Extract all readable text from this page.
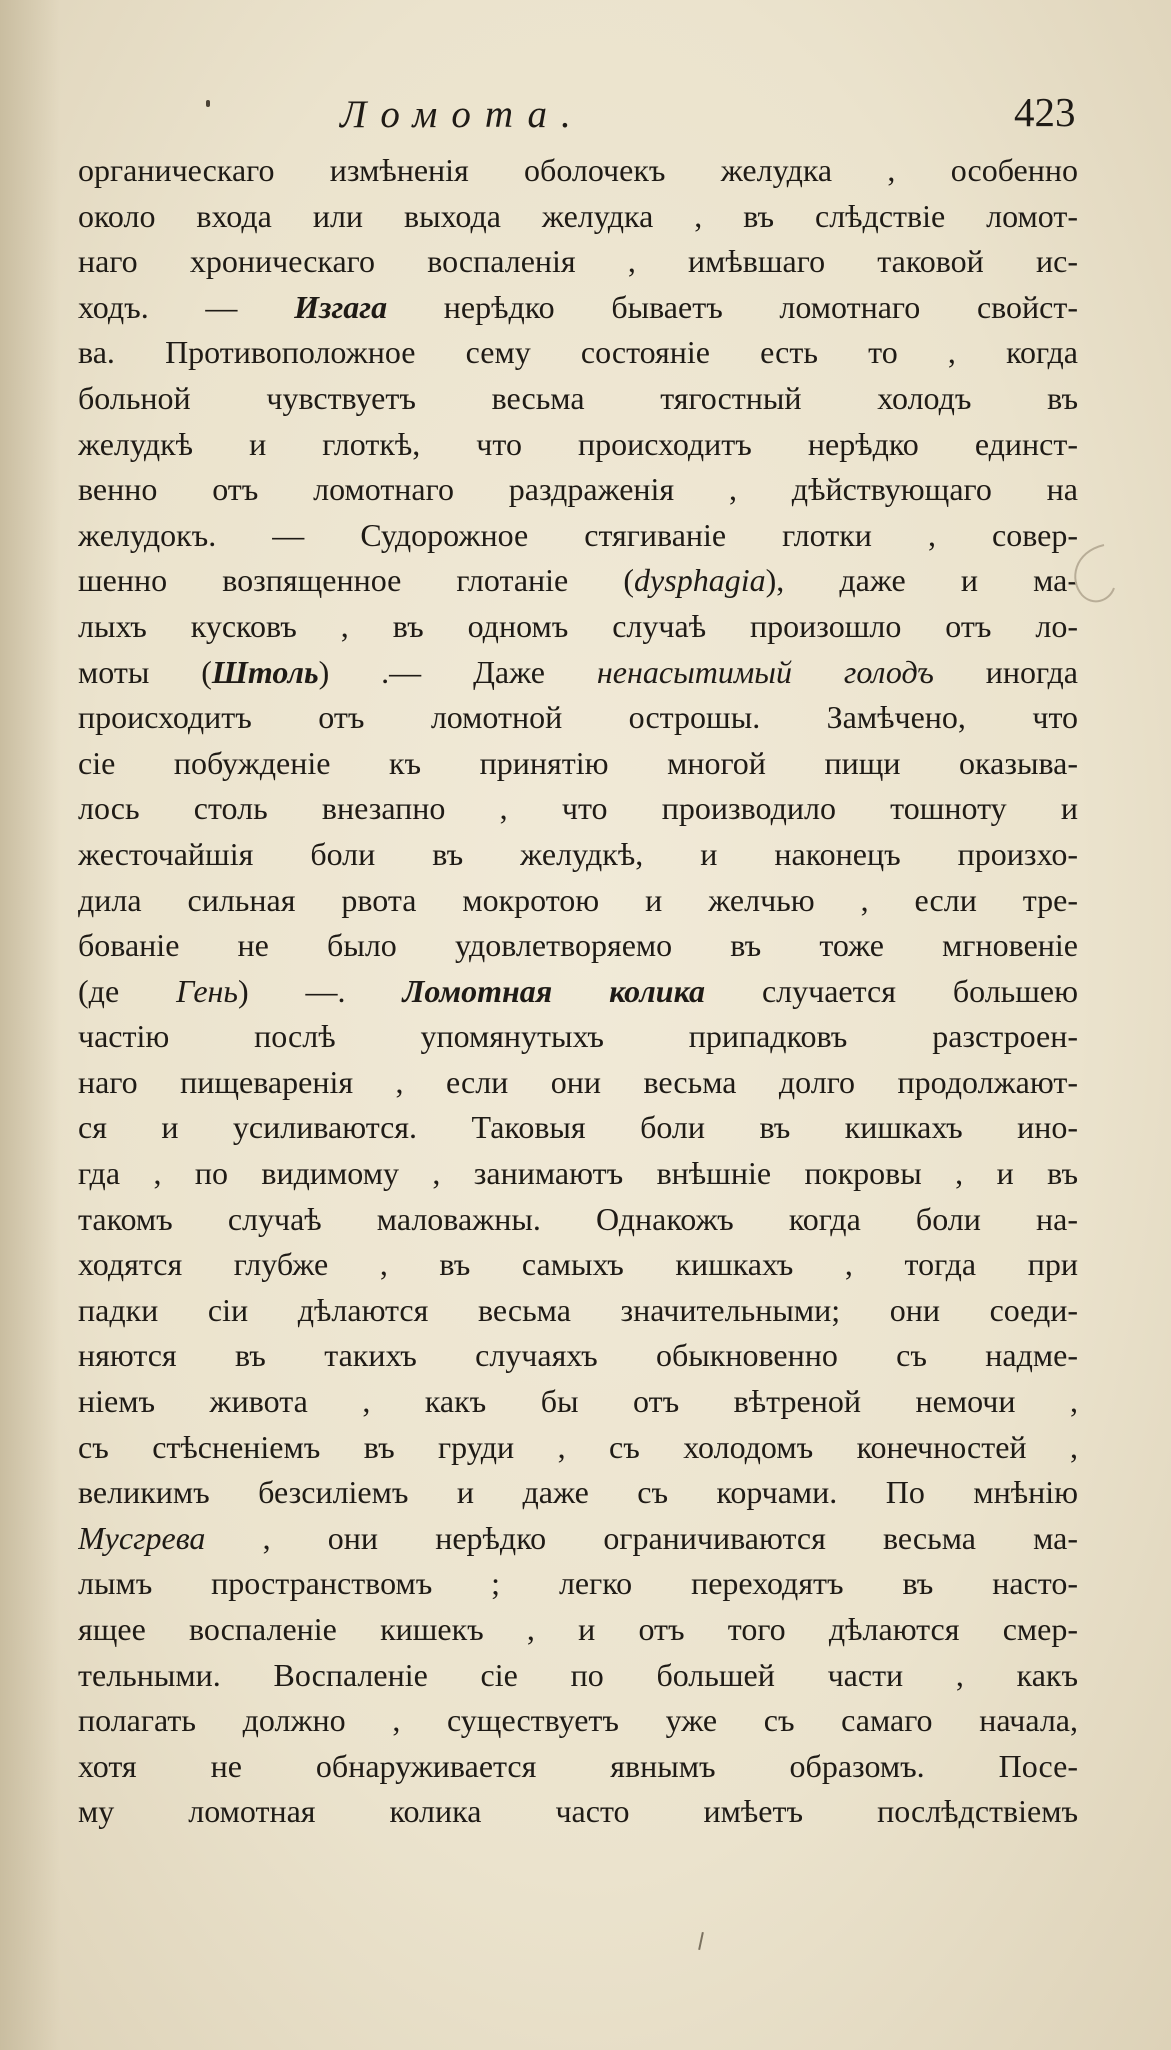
Ломота.	423
органическаго измѣненія оболочекъ желудка , особенно
около входа или выхода желудка , въ слѣдствіе ломот-
наго хроническаго воспаленія , имѣвшаго таковой ис-
ходъ. — Изгага нерѣдко бываетъ ломотнаго свойст-
ва. Противоположное сему состояніе есть то , когда
больной чувствуетъ весьма тягостный холодъ въ
желудкѣ и глоткѣ, что происходитъ нерѣдко единст-
венно отъ ломотнаго раздраженія , дѣйствующаго на
желудокъ. — Судорожное стягиваніе глотки , совер-
шенно возпященное глотаніе (dysphagia), даже и ма-
лыхъ кусковъ , въ одномъ случаѣ произошло отъ ло-
моты (Штоль) .— Даже ненасытимый голодъ иногда
происходитъ отъ ломотной острошы. Замѣчено, что
сіе побужденіе къ принятію многой пищи оказыва-
лось столь внезапно , что производило тошноту и
жесточайшія боли въ желудкѣ, и наконецъ произхо-
дила сильная рвота мокротою и желчью , если тре-
бованіе не было удовлетворяемо въ тоже мгновеніе
(де Гень) —. Ломотная колика случается большею
частію послѣ упомянутыхъ припадковъ разстроен-
наго пищеваренія , если они весьма долго продолжают-
ся и усиливаются. Таковыя боли въ кишкахъ ино-
гда , по видимому , занимаютъ внѣшніе покровы , и въ
такомъ случаѣ маловажны. Однакожъ когда боли на-
ходятся глубже , въ самыхъ кишкахъ , тогда при
падки сіи дѣлаются весьма значительными; они соеди-
няются въ такихъ случаяхъ обыкновенно съ надме-
ніемъ живота , какъ бы отъ вѣтреной немочи ,
съ стѣсненіемъ въ груди , съ холодомъ конечностей ,
великимъ безсиліемъ и даже съ корчами. По мнѣнію
Мусгрева , они нерѣдко ограничиваются весьма ма-
лымъ пространствомъ ; легко переходятъ въ насто-
ящее воспаленіе кишекъ , и отъ того дѣлаются смер-
тельными. Воспаленіе сіе по большей части , какъ
полагать должно , существуетъ уже съ самаго начала,
хотя не обнаруживается явнымъ образомъ. Посе-
му ломотная колика часто имѣетъ послѣдствіемъ
